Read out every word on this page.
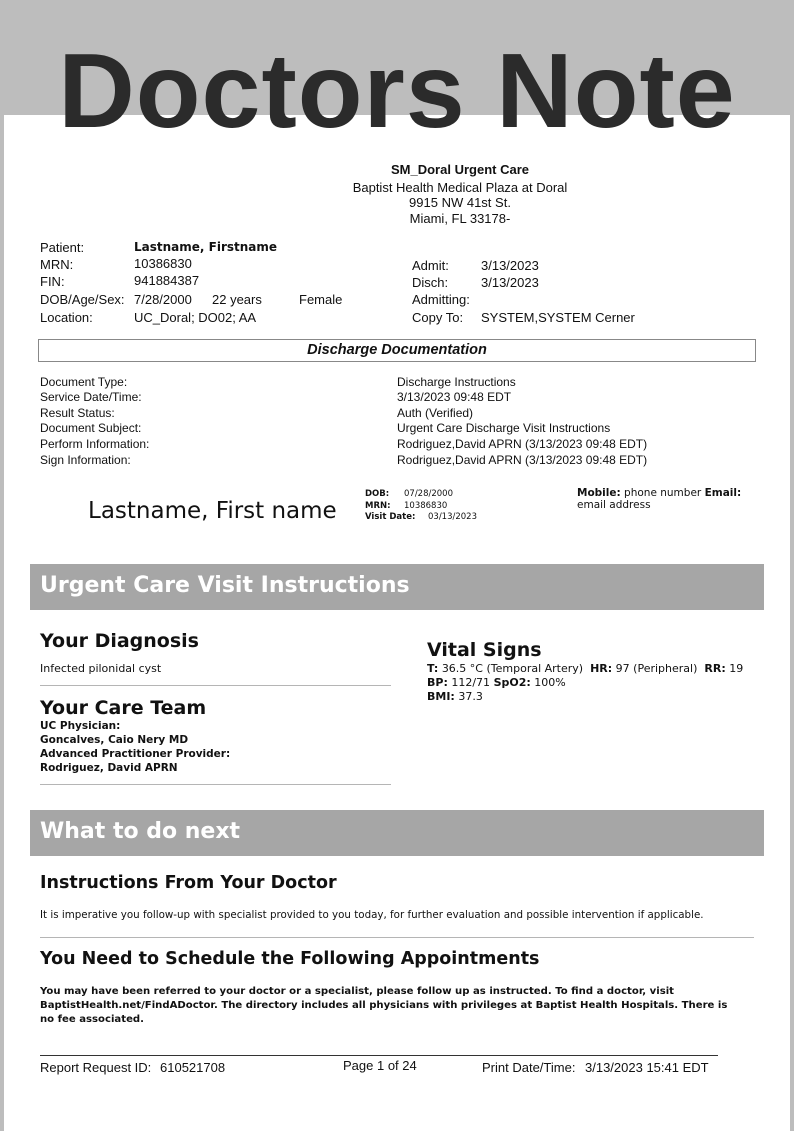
Doctors Note
SM_Doral Urgent Care
Baptist Health Medical Plaza at Doral
9915 NW 41st St.
Miami, FL 33178-
Patient:	Lastname, Firstname
MRN:	10386830
FIN:	941884387
DOB/Age/Sex: 7/28/2000 22 years	Female
Location:	UC_Doral; DO02; AA
Admit: 3/13/2023
Disch:	3/13/2023
Admitting:
Copy To: SYSTEM,SYSTEM Cerner
Discharge Documentation
Document Type:	Discharge Instructions
Service Date/Time:	3/13/2023 09:48 EDT
Result Status:	Auth (Verified)
Document Subject:	Urgent Care Discharge Visit Instructions
Perform Information:	Rodriguez,David APRN (3/13/2023 09:48 EDT)
Sign Information:	Rodriguez,David APRN (3/13/2023 09:48 EDT)
Lastname, First name
DOB: 07/28/2000
MRN: 10386830
Visit Date: 03/13/2023
Mobile: phone number Email:
email address
Urgent Care Visit Instructions
Your Diagnosis
Infected pilonidal cyst
Your Care Team
UC Physician:
Goncalves, Caio Nery MD
Advanced Practitioner Provider:
Rodriguez, David APRN
Vital Signs
T: 36.5 °C (Temporal Artery) HR: 97 (Peripheral) RR: 19
BP: 112/71 SpO2: 100%
BMI: 37.3
What to do next
Instructions From Your Doctor
It is imperative you follow-up with specialist provided to you today, for further evaluation and possible intervention if applicable.
You Need to Schedule the Following Appointments
You may have been referred to your doctor or a specialist, please follow up as instructed. To find a doctor, visit
BaptistHealth.net/FindADoctor. The directory includes all physicians with privileges at Baptist Health Hospitals. There is
no fee associated.
Report Request ID: 610521708	Page 1 of 24	Print Date/Time: 3/13/2023 15:41 EDT
